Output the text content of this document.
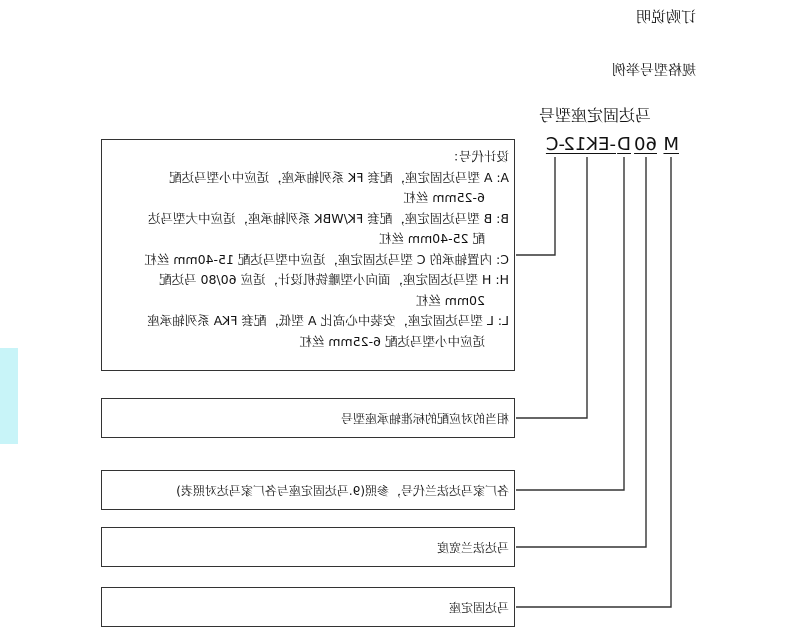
订购说明
规格型号举例
马达固定座型号
M
60
D
-EK12
-C
设计代号：
A: A 型马达固定座，配套 FK 系列轴承座，适应中小型马达配
6-25mm 丝杠
B: B 型马达固定座，配套 FK/WBK 系列轴承座，适应中大型马达
配 25-40mm 丝杠
C: 内置轴承的 C 型马达固定座，适应中型马达配 15-40mm 丝杠
H: H 型马达固定座，面向小型雕铣机设计，适应 60/80 马达配
20mm 丝杠
L: L 型马达固定座，安装中心高比 A 型低，配套 FKA 系列轴承座
适应中小型马达配 6-25mm 丝杠
相当的对应配的标准轴承座型号
各厂家马达法兰代号，参照(9.马达固定座与各厂家马达对照表)
马达法兰宽度
马达固定座
